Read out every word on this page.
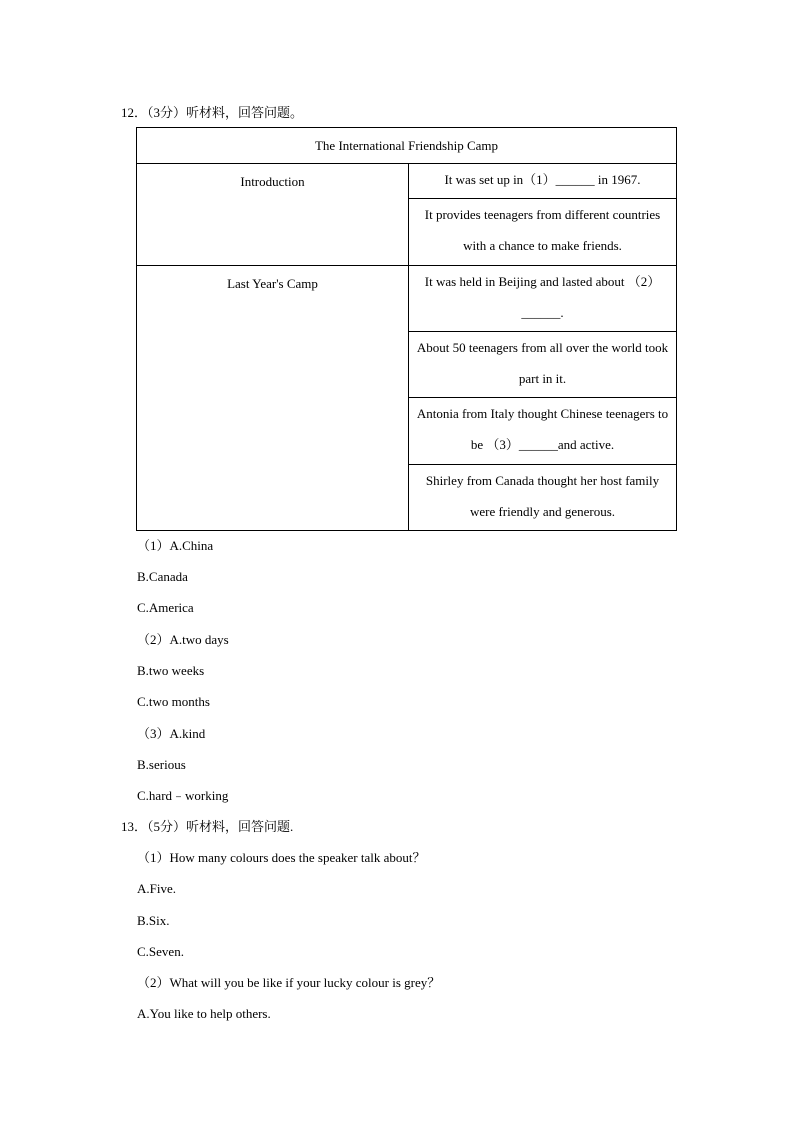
12．（3分）听材料，回答问题。
The International Friendship Camp	
Introduction	It was set up in（1）______ in 1967.
	It provides teenagers from different countries with a chance to make friends.
Last Year's Camp	It was held in Beijing and lasted about （2）______.
	About 50 teenagers from all over the world took part in it.
	Antonia from Italy thought Chinese teenagers to be （3）______and active.
	Shirley from Canada thought her host family were friendly and generous.
（1）A.China
B.Canada
C.America
（2）A.two days
B.two weeks
C.two months
（3）A.kind
B.serious
C.hard﹣working
13．（5分）听材料，回答问题.
（1）How many colours does the speaker talk about？
A.Five.
B.Six.
C.Seven.
（2）What will you be like if your lucky colour is grey？
A.You like to help others.
